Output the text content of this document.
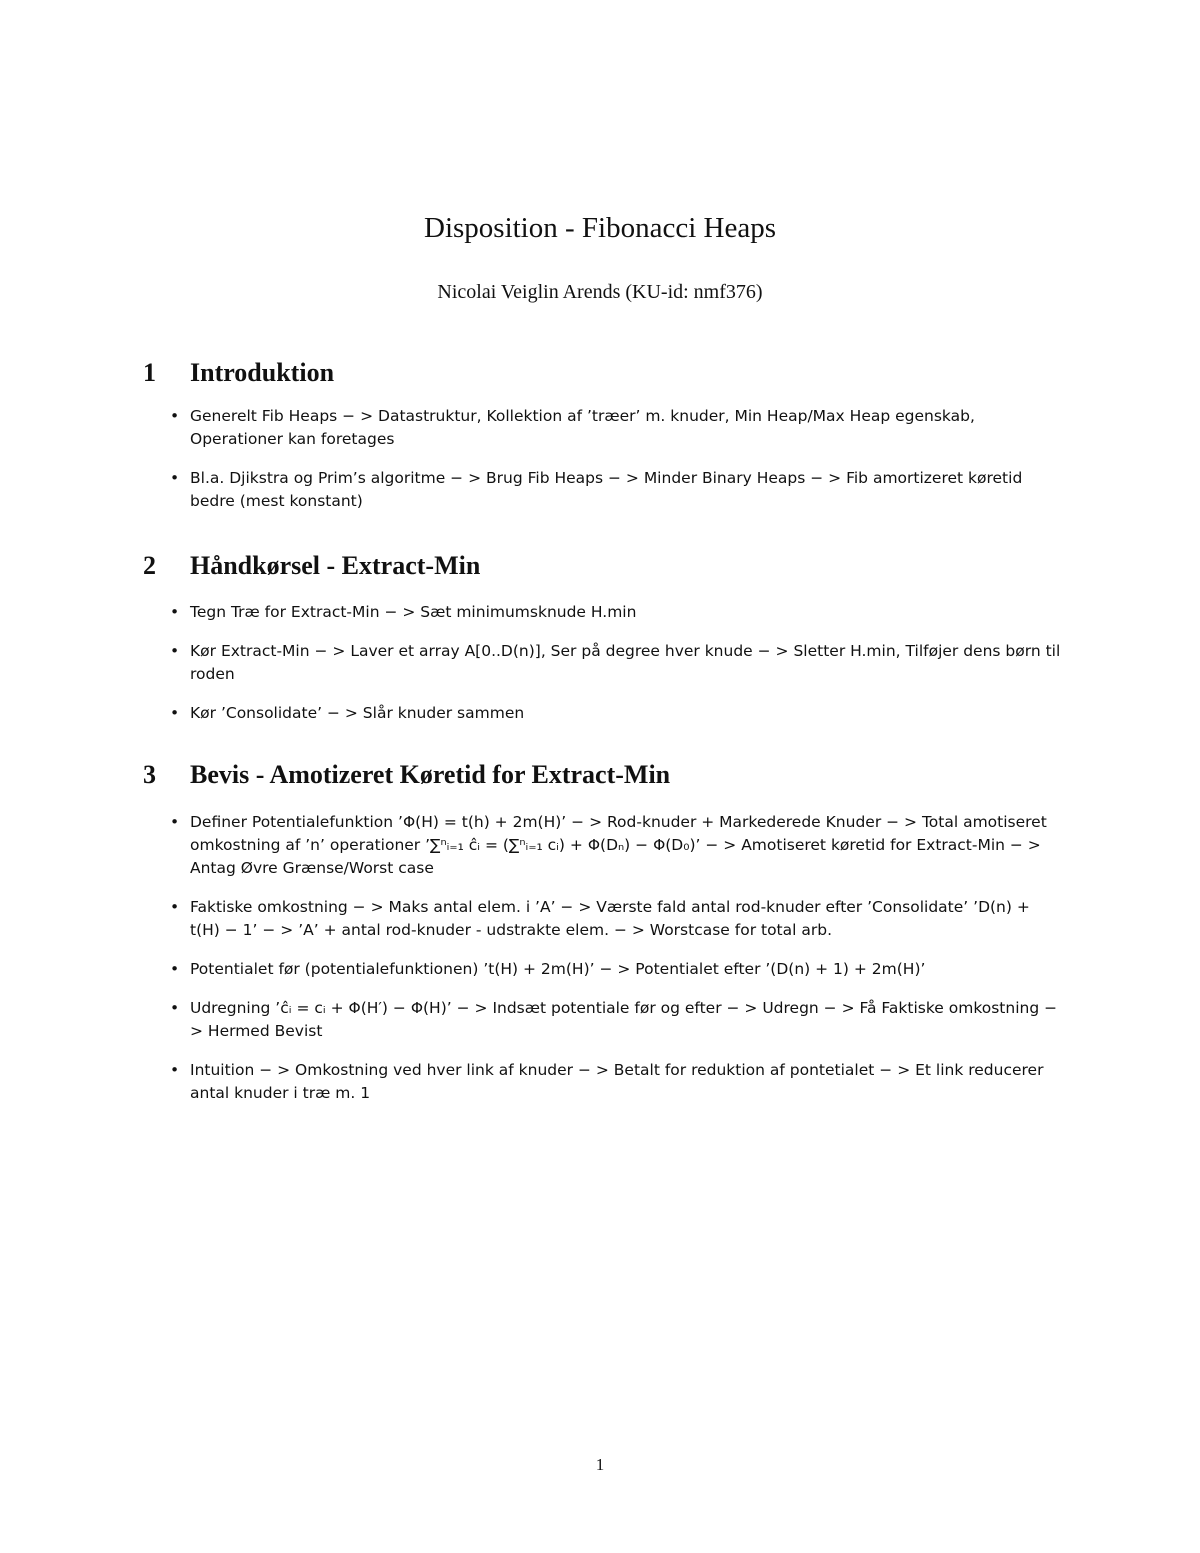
Disposition - Fibonacci Heaps
Nicolai Veiglin Arends (KU-id: nmf376)
1	Introduktion
• Generelt Fib Heaps − > Datastruktur, Kollektion af ’træer’ m. knuder, Min Heap/Max Heap egenskab, Operationer kan foretages
• Bl.a. Djikstra og Prim’s algoritme − > Brug Fib Heaps − > Minder Binary Heaps − > Fib amortizeret køretid bedre (mest konstant)
2	Håndkørsel - Extract-Min
• Tegn Træ for Extract-Min − > Sæt minimumsknude H.min
• Kør Extract-Min − > Laver et array A[0..D(n)], Ser på degree hver knude − > Sletter H.min, Tilføjer dens børn til roden
• Kør ’Consolidate’ − > Slår knuder sammen
3	Bevis - Amotizeret Køretid for Extract-Min
• Definer Potentialefunktion ’Φ(H) = t(h) + 2m(H)’ − > Rod-knuder + Markederede Knuder − > Total amotiseret omkostning af ’n’ operationer ’∑ⁿᵢ₌₁ ĉᵢ = (∑ⁿᵢ₌₁ cᵢ) + Φ(Dₙ) − Φ(D₀)’ − > Amotiseret køretid for Extract-Min − > Antag Øvre Grænse/Worst case
• Faktiske omkostning − > Maks antal elem. i ’A’ − > Værste fald antal rod-knuder efter ’Consolidate’ ’D(n) + t(H) − 1’ − > ’A’ + antal rod-knuder - udstrakte elem. − > Worstcase for total arb.
• Potentialet før (potentialefunktionen) ’t(H) + 2m(H)’ − > Potentialet efter ’(D(n) + 1) + 2m(H)’
• Udregning ’ĉᵢ = cᵢ + Φ(H′) − Φ(H)’ − > Indsæt potentiale før og efter − > Udregn − > Få Faktiske omkostning − > Hermed Bevist
• Intuition − > Omkostning ved hver link af knuder − > Betalt for reduktion af pontetialet − > Et link reducerer antal knuder i træ m. 1
1
